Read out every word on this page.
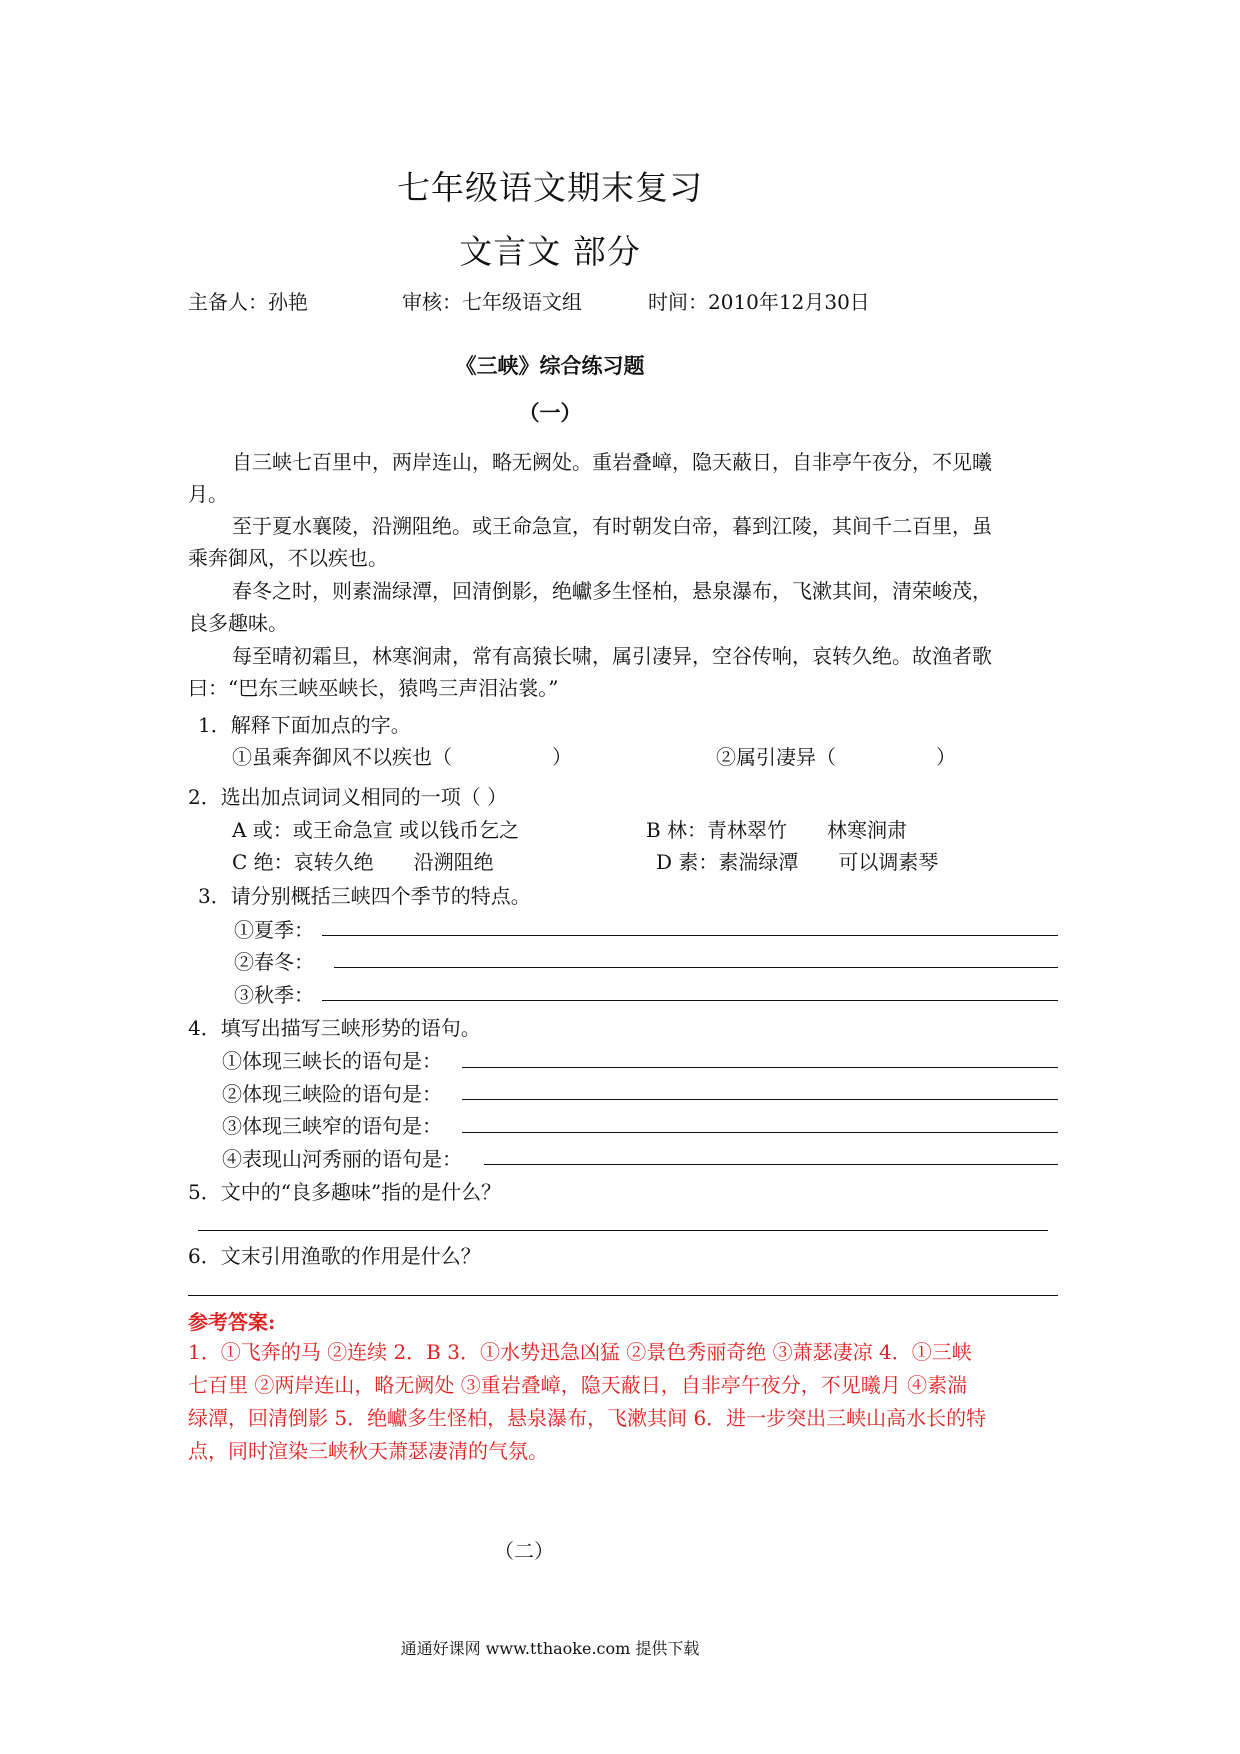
七年级语文期末复习
文言文 部分
主备人：孙艳	审核：七年级语文组	时间：2010年12月30日
《三峡》综合练习题
（一）
自三峡七百里中，两岸连山，略无阙处。重岩叠嶂，隐天蔽日，自非亭午夜分，不见曦
月。
至于夏水襄陵，沿溯阻绝。或王命急宣，有时朝发白帝，暮到江陵，其间千二百里，虽
乘奔御风，不以疾也。
春冬之时，则素湍绿潭，回清倒影，绝巘多生怪柏，悬泉瀑布，飞漱其间，清荣峻茂，
良多趣味。
每至晴初霜旦，林寒涧肃，常有高猿长啸，属引凄异，空谷传响，哀转久绝。故渔者歌
曰：“巴东三峡巫峡长，猿鸣三声泪沾裳。”
1．解释下面加点的字。
①虽乘奔御风不以疾也（　　　　　）	②属引凄异（　　　　　）
2．选出加点词词义相同的一项（ ）
A 或：或王命急宣 或以钱币乞之	B 林：青林翠竹　　林寒涧肃
C 绝：哀转久绝　　沿溯阻绝	D 素：素湍绿潭　　可以调素琴
3．请分别概括三峡四个季节的特点。
①夏季：
②春冬：
③秋季：
4．填写出描写三峡形势的语句。
①体现三峡长的语句是：
②体现三峡险的语句是：
③体现三峡窄的语句是：
④表现山河秀丽的语句是：
5．文中的“良多趣味”指的是什么？
6．文末引用渔歌的作用是什么？
参考答案:
1．①飞奔的马 ②连续 2．B 3．①水势迅急凶猛 ②景色秀丽奇绝 ③萧瑟凄凉 4．①三峡
七百里 ②两岸连山，略无阙处 ③重岩叠嶂，隐天蔽日，自非亭午夜分，不见曦月 ④素湍
绿潭，回清倒影 5．绝巘多生怪柏，悬泉瀑布，飞漱其间 6．进一步突出三峡山高水长的特
点，同时渲染三峡秋天萧瑟凄清的气氛。
（二）
通通好课网 www.tthaoke.com 提供下载
